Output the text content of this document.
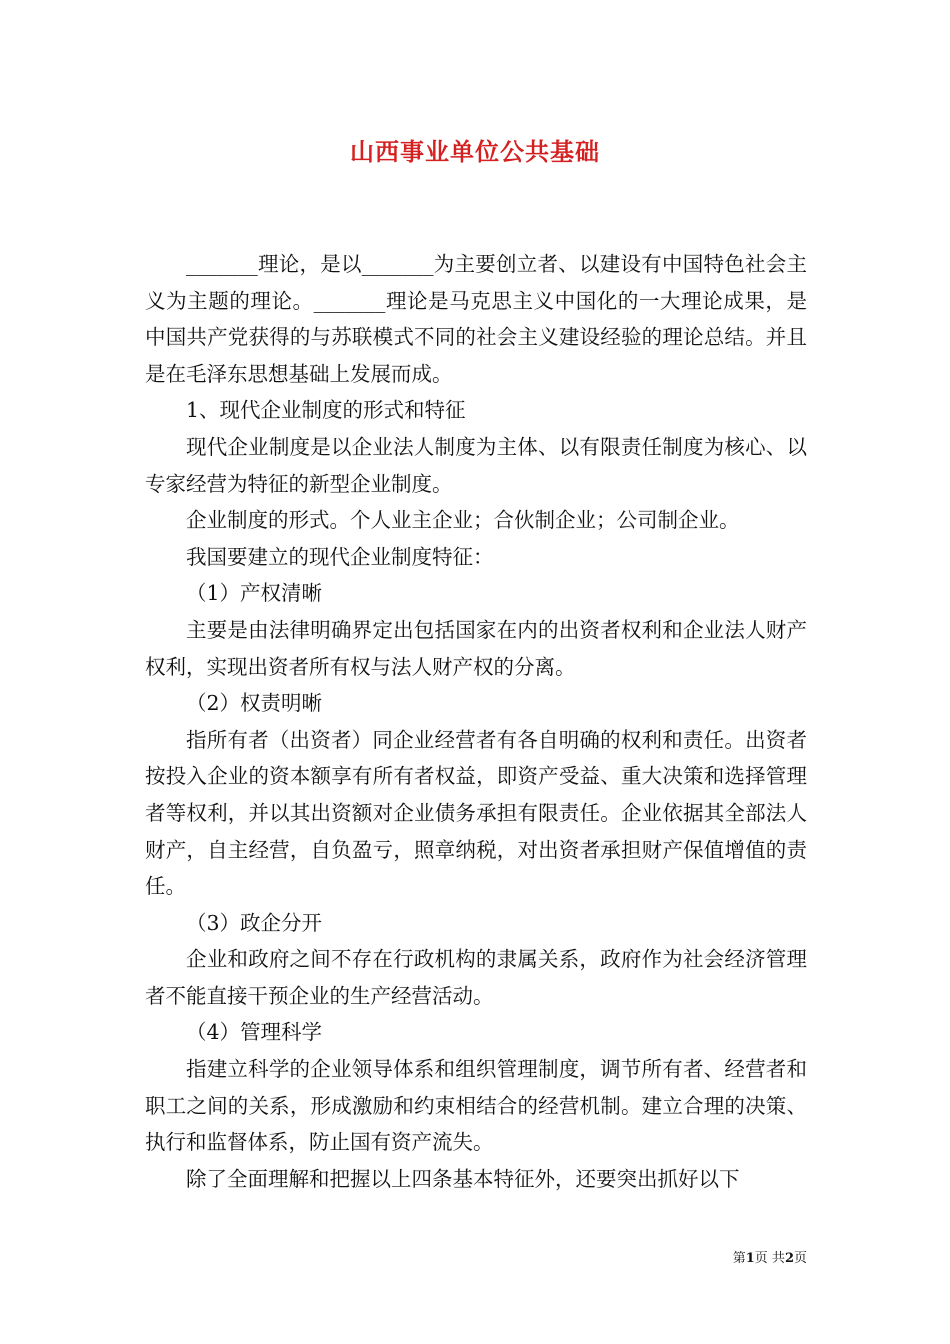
山西事业单位公共基础

_______理论，是以_______为主要创立者、以建设有中国特色社会主义为主题的理论。_______理论是马克思主义中国化的一大理论成果，是中国共产党获得的与苏联模式不同的社会主义建设经验的理论总结。并且是在毛泽东思想基础上发展而成。

1、现代企业制度的形式和特征

现代企业制度是以企业法人制度为主体、以有限责任制度为核心、以专家经营为特征的新型企业制度。

企业制度的形式。个人业主企业；合伙制企业；公司制企业。

我国要建立的现代企业制度特征：

（1）产权清晰

主要是由法律明确界定出包括国家在内的出资者权利和企业法人财产权利，实现出资者所有权与法人财产权的分离。

（2）权责明晰

指所有者（出资者）同企业经营者有各自明确的权利和责任。出资者按投入企业的资本额享有所有者权益，即资产受益、重大决策和选择管理者等权利，并以其出资额对企业债务承担有限责任。企业依据其全部法人财产，自主经营，自负盈亏，照章纳税，对出资者承担财产保值增值的责任。

（3）政企分开

企业和政府之间不存在行政机构的隶属关系，政府作为社会经济管理者不能直接干预企业的生产经营活动。

（4）管理科学

指建立科学的企业领导体系和组织管理制度，调节所有者、经营者和职工之间的关系，形成激励和约束相结合的经营机制。建立合理的决策、执行和监督体系，防止国有资产流失。

除了全面理解和把握以上四条基本特征外，还要突出抓好以下

第1页 共2页
